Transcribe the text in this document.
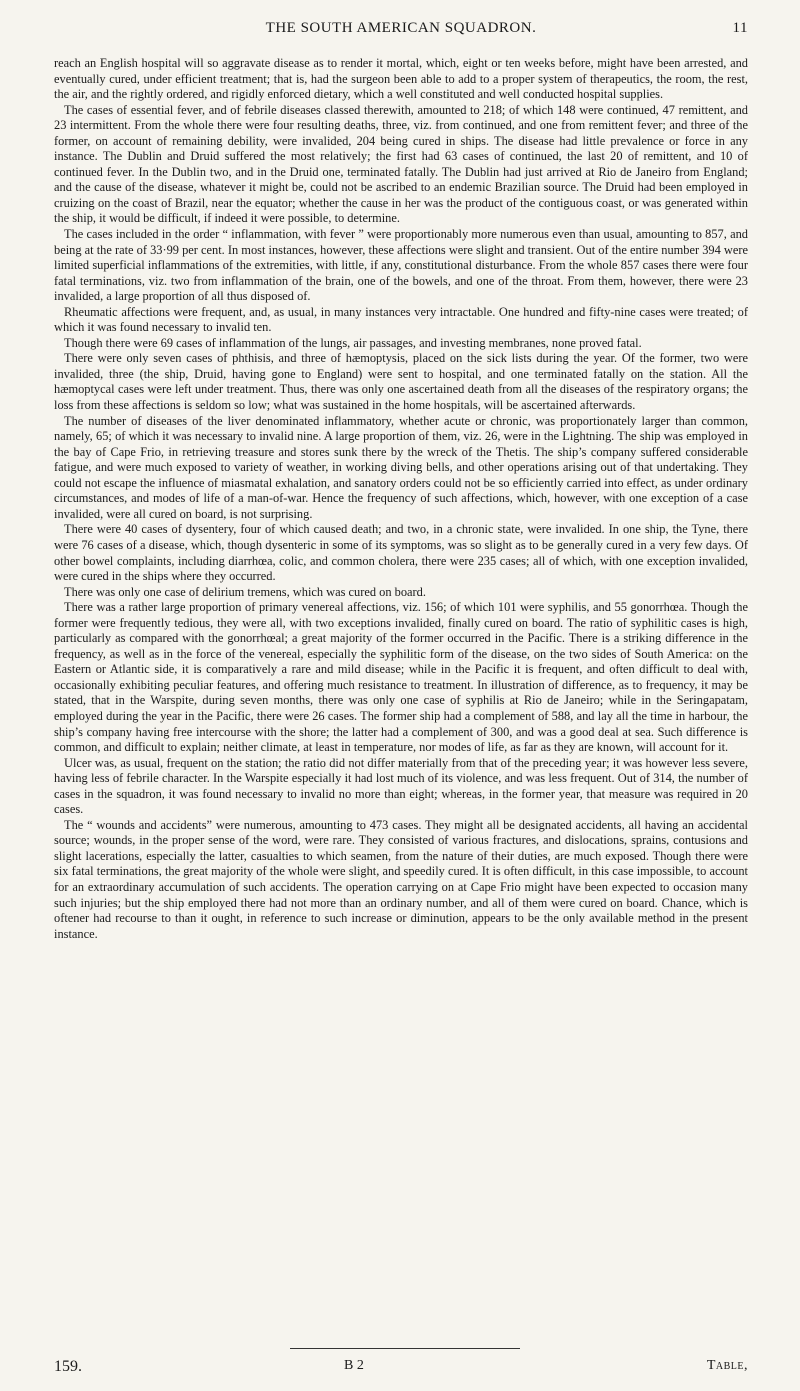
THE SOUTH AMERICAN SQUADRON.	11

reach an English hospital will so aggravate disease as to render it mortal, which, eight or ten weeks before, might have been arrested, and eventually cured, under efficient treatment; that is, had the surgeon been able to add to a proper system of therapeutics, the room, the rest, the air, and the rightly ordered, and rigidly enforced dietary, which a well constituted and well conducted hospital supplies.

The cases of essential fever, and of febrile diseases classed therewith, amounted to 218; of which 148 were continued, 47 remittent, and 23 intermittent. From the whole there were four resulting deaths, three, viz. from continued, and one from remittent fever; and three of the former, on account of remaining debility, were invalided, 204 being cured in ships. The disease had little prevalence or force in any instance. The Dublin and Druid suffered the most relatively; the first had 63 cases of continued, the last 20 of remittent, and 10 of continued fever. In the Dublin two, and in the Druid one, terminated fatally. The Dublin had just arrived at Rio de Janeiro from England; and the cause of the disease, whatever it might be, could not be ascribed to an endemic Brazilian source. The Druid had been employed in cruizing on the coast of Brazil, near the equator; whether the cause in her was the product of the contiguous coast, or was generated within the ship, it would be difficult, if indeed it were possible, to determine.

The cases included in the order “ inflammation, with fever ” were proportionably more numerous even than usual, amounting to 857, and being at the rate of 33·99 per cent. In most instances, however, these affections were slight and transient. Out of the entire number 394 were limited superficial inflammations of the extremities, with little, if any, constitutional disturbance. From the whole 857 cases there were four fatal terminations, viz. two from inflammation of the brain, one of the bowels, and one of the throat. From them, however, there were 23 invalided, a large proportion of all thus disposed of.

Rheumatic affections were frequent, and, as usual, in many instances very intractable. One hundred and fifty-nine cases were treated; of which it was found necessary to invalid ten.

Though there were 69 cases of inflammation of the lungs, air passages, and investing membranes, none proved fatal.

There were only seven cases of phthisis, and three of hæmoptysis, placed on the sick lists during the year. Of the former, two were invalided, three (the ship, Druid, having gone to England) were sent to hospital, and one terminated fatally on the station. All the hæmoptycal cases were left under treatment. Thus, there was only one ascertained death from all the diseases of the respiratory organs; the loss from these affections is seldom so low; what was sustained in the home hospitals, will be ascertained afterwards.

The number of diseases of the liver denominated inflammatory, whether acute or chronic, was proportionately larger than common, namely, 65; of which it was necessary to invalid nine. A large proportion of them, viz. 26, were in the Lightning. The ship was employed in the bay of Cape Frio, in retrieving treasure and stores sunk there by the wreck of the Thetis. The ship’s company suffered considerable fatigue, and were much exposed to variety of weather, in working diving bells, and other operations arising out of that undertaking. They could not escape the influence of miasmatal exhalation, and sanatory orders could not be so efficiently carried into effect, as under ordinary circumstances, and modes of life of a man-of-war. Hence the frequency of such affections, which, however, with one exception of a case invalided, were all cured on board, is not surprising.

There were 40 cases of dysentery, four of which caused death; and two, in a chronic state, were invalided. In one ship, the Tyne, there were 76 cases of a disease, which, though dysenteric in some of its symptoms, was so slight as to be generally cured in a very few days. Of other bowel complaints, including diarrhœa, colic, and common cholera, there were 235 cases; all of which, with one exception invalided, were cured in the ships where they occurred.

There was only one case of delirium tremens, which was cured on board.

There was a rather large proportion of primary venereal affections, viz. 156; of which 101 were syphilis, and 55 gonorrhœa. Though the former were frequently tedious, they were all, with two exceptions invalided, finally cured on board. The ratio of syphilitic cases is high, particularly as compared with the gonorrhœal; a great majority of the former occurred in the Pacific. There is a striking difference in the frequency, as well as in the force of the venereal, especially the syphilitic form of the disease, on the two sides of South America: on the Eastern or Atlantic side, it is comparatively a rare and mild disease; while in the Pacific it is frequent, and often difficult to deal with, occasionally exhibiting peculiar features, and offering much resistance to treatment. In illustration of difference, as to frequency, it may be stated, that in the Warspite, during seven months, there was only one case of syphilis at Rio de Janeiro; while in the Seringapatam, employed during the year in the Pacific, there were 26 cases. The former ship had a complement of 588, and lay all the time in harbour, the ship’s company having free intercourse with the shore; the latter had a complement of 300, and was a good deal at sea. Such difference is common, and difficult to explain; neither climate, at least in temperature, nor modes of life, as far as they are known, will account for it.

Ulcer was, as usual, frequent on the station; the ratio did not differ materially from that of the preceding year; it was however less severe, having less of febrile character. In the Warspite especially it had lost much of its violence, and was less frequent. Out of 314, the number of cases in the squadron, it was found necessary to invalid no more than eight; whereas, in the former year, that measure was required in 20 cases.

The “ wounds and accidents” were numerous, amounting to 473 cases. They might all be designated accidents, all having an accidental source; wounds, in the proper sense of the word, were rare. They consisted of various fractures, and dislocations, sprains, contusions and slight lacerations, especially the latter, casualties to which seamen, from the nature of their duties, are much exposed. Though there were six fatal terminations, the great majority of the whole were slight, and speedily cured. It is often difficult, in this case impossible, to account for an extraordinary accumulation of such accidents. The operation carrying on at Cape Frio might have been expected to occasion many such injuries; but the ship employed there had not more than an ordinary number, and all of them were cured on board. Chance, which is oftener had recourse to than it ought, in reference to such increase or diminution, appears to be the only available method in the present instance.

159.	B 2	Table,
